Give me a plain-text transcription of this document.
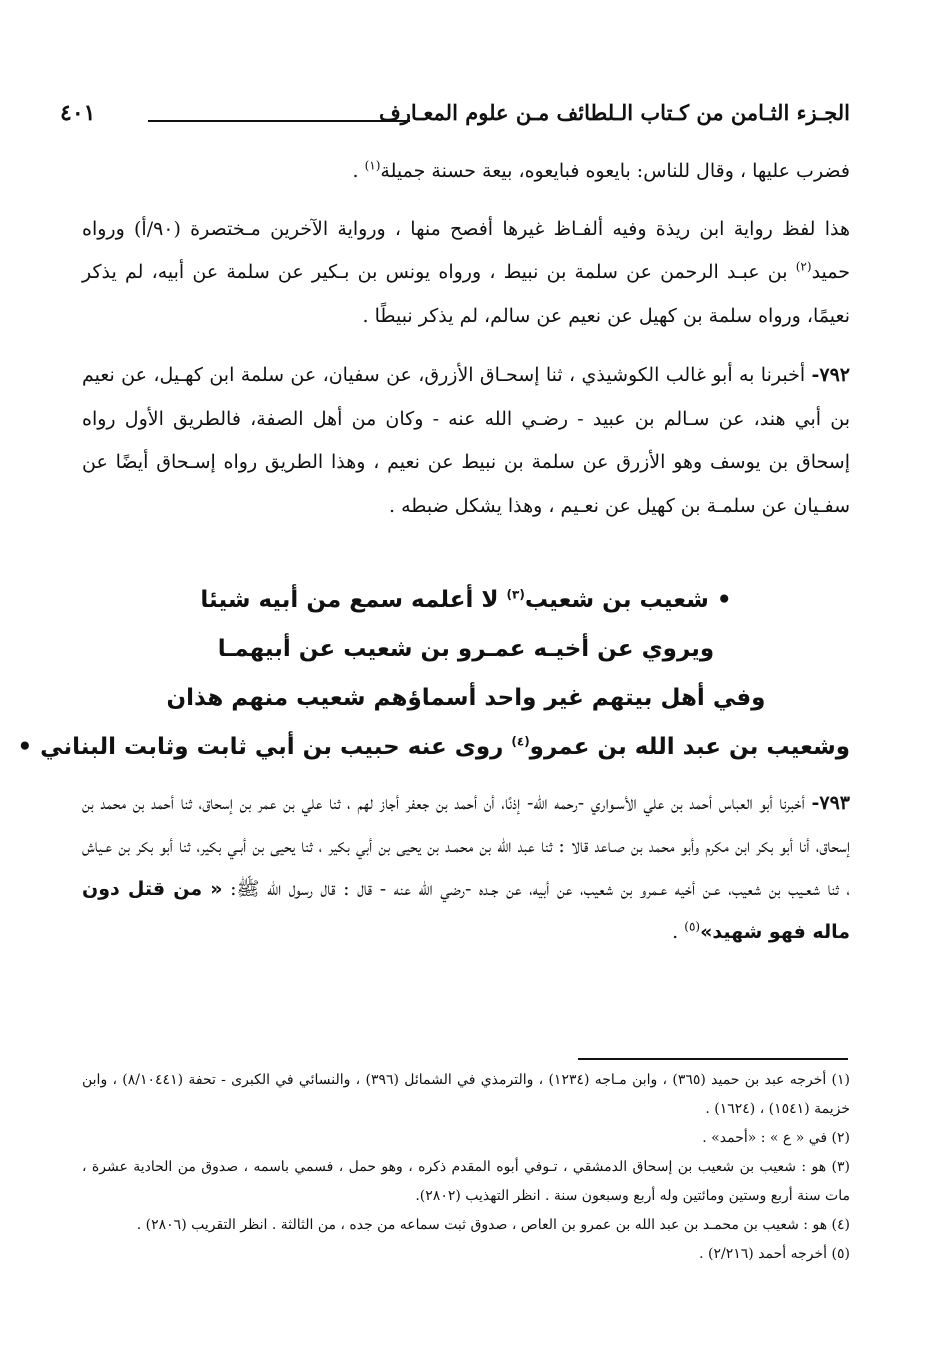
الجـزء الثـامن من كـتاب الـلطائف مـن علوم المعـارف
٤٠١

فضرب عليها ، وقال للناس: بايعوه فبايعوه، بيعة حسنة جميلة$^{(١)}$ .

هذا لفظ رواية ابن ريذة وفيه ألفـاظ غيرها أفصح منها ، ورواية الآخرين مـختصرة (٩٠/أ) ورواه حميد$^{(٢)}$ بن عبـد الرحمن عن سلمة بن نبيط ، ورواه يونس بن بـكير عن سلمة عن أبيه، لم يذكر نعيمًا، ورواه سلمة بن كهيل عن نعيم عن سالم، لم يذكر نبيطًا .

٧٩٢- أخبرنا به أبو غالب الكوشيذي ، ثنا إسحـاق الأزرق، عن سفيان، عن سلمة ابن كهـيل، عن نعيم بن أبي هند، عن سـالم بن عبيد - رضـي الله عنه - وكان من أهل الصفة، فالطريق الأول رواه إسحاق بن يوسف وهو الأزرق عن سلمة بن نبيط عن نعيم ، وهذا الطريق رواه إسـحاق أيضًا عن سفـيان عن سلمـة بن كهيل عن نعـيم ، وهذا يشكل ضبطه .

• شعيب بن شعيب$^{(٣)}$ لا أعلمه سمع من أبيه شيئا
ويروي عن أخيـه عمـرو بن شعيب عن أبيهمـا
وفي أهل بيتهم غير واحد أسماؤهم شعيب منهم هذان
وشعيب بن عبد الله بن عمرو$^{(٤)}$ روى عنه حبيب بن أبي ثابت وثابت البناني •

٧٩٣- أخبرنا أبو العباس أحمد بن علي الأسـواري -رحمه الله- إذنًا، أن أحمد بن جعفر أجاز لهم ، ثنا علي بن عمر بن إسحاق، ثنا أحمد بن محمد بن إسحاق، أنا أبو بكر ابن مكرم وأبو محمد بن صـاعد قالا : ثنا عبد الله بن محمـد بن يحيى بن أبي بكير ، ثنا يحيى بن أبـي بكير، ثنا أبو بكر بن عـياش ، ثنا شعـيب بن شعيب، عـن أخيه عـمرو بن شعيب، عن أبيه، عن جـده -رضي الله عنه - قال : قال رسول الله ﷺ: « من قتل دون ماله فهو شهيد»$^{(٥)}$ .

(١) أخرجه عبد بن حميد (٣٦٥) ، وابن مـاجه (١٢٣٤) ، والترمذي في الشمائل (٣٩٦) ، والنسائي في الكبرى - تحفة (٨/١٠٤٤١) ، وابن خزيمة (١٥٤١) ، (١٦٢٤) .

(٢) في « ع » : «أحمد» .

(٣) هو : شعيب بن شعيب بن إسحاق الدمشقي ، تـوفي أبوه المقدم ذكره ، وهو حمل ، فسمي باسمه ، صدوق من الحادية عشرة ، مات سنة أربع وستين ومائتين وله أربع وسبعون سنة . انظر التهذيب (٢٨٠٢).

(٤) هو : شعيب بن محمـد بن عبد الله بن عمرو بن العاص ، صدوق ثبت سماعه من جده ، من الثالثة . انظر التقريب (٢٨٠٦) .

(٥) أخرجه أحمد (٢/٢١٦) .
